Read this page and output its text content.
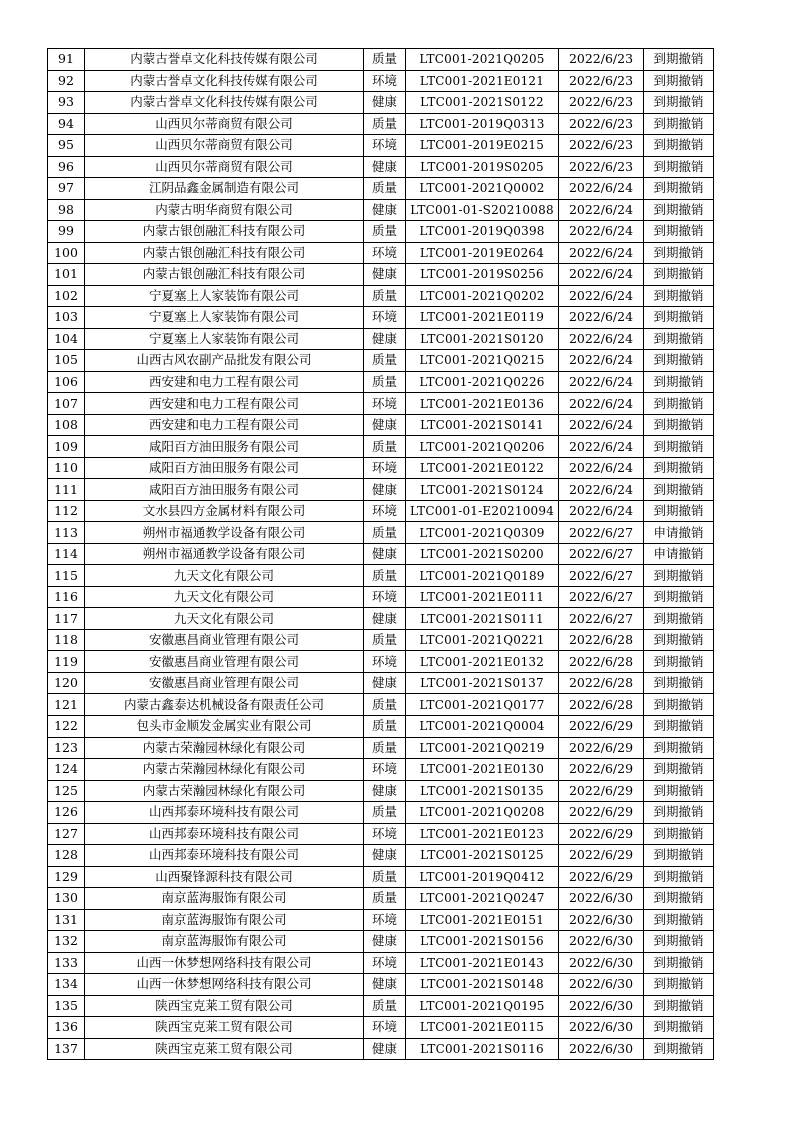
91	内蒙古誉卓文化科技传媒有限公司	质量	LTC001-2021Q0205	2022/6/23	到期撤销
92	内蒙古誉卓文化科技传媒有限公司	环境	LTC001-2021E0121	2022/6/23	到期撤销
93	内蒙古誉卓文化科技传媒有限公司	健康	LTC001-2021S0122	2022/6/23	到期撤销
94	山西贝尔蒂商贸有限公司	质量	LTC001-2019Q0313	2022/6/23	到期撤销
95	山西贝尔蒂商贸有限公司	环境	LTC001-2019E0215	2022/6/23	到期撤销
96	山西贝尔蒂商贸有限公司	健康	LTC001-2019S0205	2022/6/23	到期撤销
97	江阴品鑫金属制造有限公司	质量	LTC001-2021Q0002	2022/6/24	到期撤销
98	内蒙古明华商贸有限公司	健康	LTC001-01-S20210088	2022/6/24	到期撤销
99	内蒙古银创融汇科技有限公司	质量	LTC001-2019Q0398	2022/6/24	到期撤销
100	内蒙古银创融汇科技有限公司	环境	LTC001-2019E0264	2022/6/24	到期撤销
101	内蒙古银创融汇科技有限公司	健康	LTC001-2019S0256	2022/6/24	到期撤销
102	宁夏塞上人家装饰有限公司	质量	LTC001-2021Q0202	2022/6/24	到期撤销
103	宁夏塞上人家装饰有限公司	环境	LTC001-2021E0119	2022/6/24	到期撤销
104	宁夏塞上人家装饰有限公司	健康	LTC001-2021S0120	2022/6/24	到期撤销
105	山西古风农副产品批发有限公司	质量	LTC001-2021Q0215	2022/6/24	到期撤销
106	西安建和电力工程有限公司	质量	LTC001-2021Q0226	2022/6/24	到期撤销
107	西安建和电力工程有限公司	环境	LTC001-2021E0136	2022/6/24	到期撤销
108	西安建和电力工程有限公司	健康	LTC001-2021S0141	2022/6/24	到期撤销
109	咸阳百方油田服务有限公司	质量	LTC001-2021Q0206	2022/6/24	到期撤销
110	咸阳百方油田服务有限公司	环境	LTC001-2021E0122	2022/6/24	到期撤销
111	咸阳百方油田服务有限公司	健康	LTC001-2021S0124	2022/6/24	到期撤销
112	文水县四方金属材料有限公司	环境	LTC001-01-E20210094	2022/6/24	到期撤销
113	朔州市福通教学设备有限公司	质量	LTC001-2021Q0309	2022/6/27	申请撤销
114	朔州市福通教学设备有限公司	健康	LTC001-2021S0200	2022/6/27	申请撤销
115	九天文化有限公司	质量	LTC001-2021Q0189	2022/6/27	到期撤销
116	九天文化有限公司	环境	LTC001-2021E0111	2022/6/27	到期撤销
117	九天文化有限公司	健康	LTC001-2021S0111	2022/6/27	到期撤销
118	安徽惠昌商业管理有限公司	质量	LTC001-2021Q0221	2022/6/28	到期撤销
119	安徽惠昌商业管理有限公司	环境	LTC001-2021E0132	2022/6/28	到期撤销
120	安徽惠昌商业管理有限公司	健康	LTC001-2021S0137	2022/6/28	到期撤销
121	内蒙古鑫泰达机械设备有限责任公司	质量	LTC001-2021Q0177	2022/6/28	到期撤销
122	包头市金顺发金属实业有限公司	质量	LTC001-2021Q0004	2022/6/29	到期撤销
123	内蒙古荣瀚园林绿化有限公司	质量	LTC001-2021Q0219	2022/6/29	到期撤销
124	内蒙古荣瀚园林绿化有限公司	环境	LTC001-2021E0130	2022/6/29	到期撤销
125	内蒙古荣瀚园林绿化有限公司	健康	LTC001-2021S0135	2022/6/29	到期撤销
126	山西邦泰环境科技有限公司	质量	LTC001-2021Q0208	2022/6/29	到期撤销
127	山西邦泰环境科技有限公司	环境	LTC001-2021E0123	2022/6/29	到期撤销
128	山西邦泰环境科技有限公司	健康	LTC001-2021S0125	2022/6/29	到期撤销
129	山西聚锋源科技有限公司	质量	LTC001-2019Q0412	2022/6/29	到期撤销
130	南京蓝海服饰有限公司	质量	LTC001-2021Q0247	2022/6/30	到期撤销
131	南京蓝海服饰有限公司	环境	LTC001-2021E0151	2022/6/30	到期撤销
132	南京蓝海服饰有限公司	健康	LTC001-2021S0156	2022/6/30	到期撤销
133	山西一休梦想网络科技有限公司	环境	LTC001-2021E0143	2022/6/30	到期撤销
134	山西一休梦想网络科技有限公司	健康	LTC001-2021S0148	2022/6/30	到期撤销
135	陕西宝克莱工贸有限公司	质量	LTC001-2021Q0195	2022/6/30	到期撤销
136	陕西宝克莱工贸有限公司	环境	LTC001-2021E0115	2022/6/30	到期撤销
137	陕西宝克莱工贸有限公司	健康	LTC001-2021S0116	2022/6/30	到期撤销
